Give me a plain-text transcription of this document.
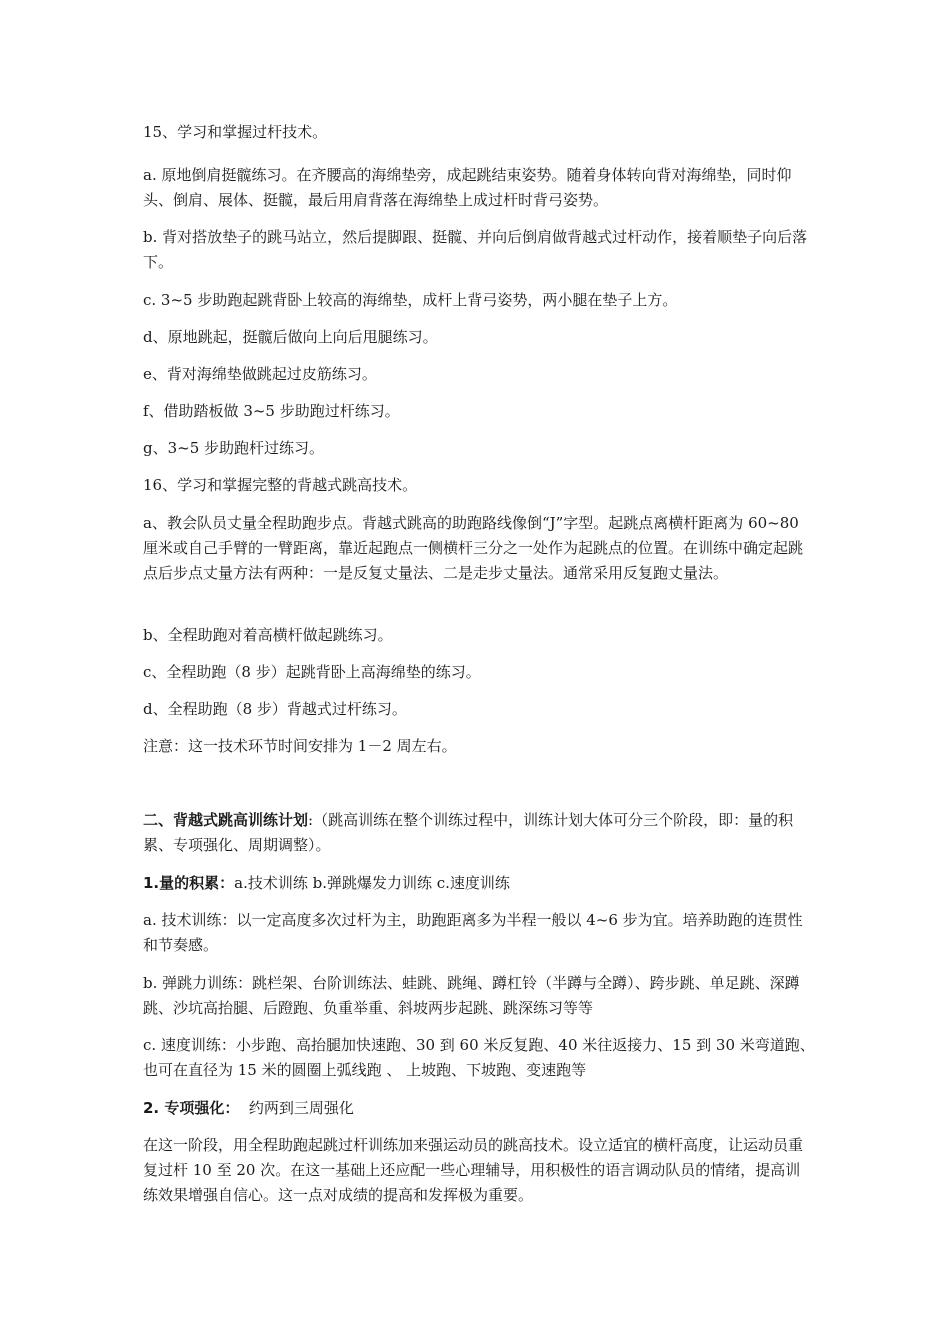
15、学习和掌握过杆技术。

a. 原地倒肩挺髋练习。在齐腰高的海绵垫旁，成起跳结束姿势。随着身体转向背对海绵垫，同时仰头、倒肩、展体、挺髋，最后用肩背落在海绵垫上成过杆时背弓姿势。

b. 背对搭放垫子的跳马站立，然后提脚跟、挺髋、并向后倒肩做背越式过杆动作，接着顺垫子向后落下。

c. 3~5 步助跑起跳背卧上较高的海绵垫，成杆上背弓姿势，两小腿在垫子上方。

d、原地跳起，挺髋后做向上向后甩腿练习。

e、背对海绵垫做跳起过皮筋练习。

f、借助踏板做 3~5 步助跑过杆练习。

g、3~5 步助跑杆过练习。

16、学习和掌握完整的背越式跳高技术。

a、教会队员丈量全程助跑步点。背越式跳高的助跑路线像倒“J”字型。起跳点离横杆距离为 60~80 厘米或自己手臂的一臂距离，靠近起跑点一侧横杆三分之一处作为起跳点的位置。在训练中确定起跳点后步点丈量方法有两种：一是反复丈量法、二是走步丈量法。通常采用反复跑丈量法。

b、全程助跑对着高横杆做起跳练习。

c、全程助跑（8 步）起跳背卧上高海绵垫的练习。

d、全程助跑（8 步）背越式过杆练习。

注意：这一技术环节时间安排为 1－2 周左右。

二、背越式跳高训练计划:（跳高训练在整个训练过程中，训练计划大体可分三个阶段，即：量的积累、专项强化、周期调整）。

1.量的积累：a.技术训练 b.弹跳爆发力训练 c.速度训练

a. 技术训练：以一定高度多次过杆为主，助跑距离多为半程一般以 4~6 步为宜。培养助跑的连贯性和节奏感。

b. 弹跳力训练：跳栏架、台阶训练法、蛙跳、跳绳、蹲杠铃（半蹲与全蹲）、跨步跳、单足跳、深蹲跳、沙坑高抬腿、后蹬跑、负重举重、斜坡两步起跳、跳深练习等等

c. 速度训练：小步跑、高抬腿加快速跑、30 到 60 米反复跑、40 米往返接力、15 到 30 米弯道跑、也可在直径为 15 米的圆圈上弧线跑 、 上坡跑、下坡跑、变速跑等

2. 专项强化：  约两到三周强化

在这一阶段，用全程助跑起跳过杆训练加来强运动员的跳高技术。设立适宜的横杆高度，让运动员重复过杆 10 至 20 次。在这一基础上还应配一些心理辅导，用积极性的语言调动队员的情绪，提高训练效果增强自信心。这一点对成绩的提高和发挥极为重要。
